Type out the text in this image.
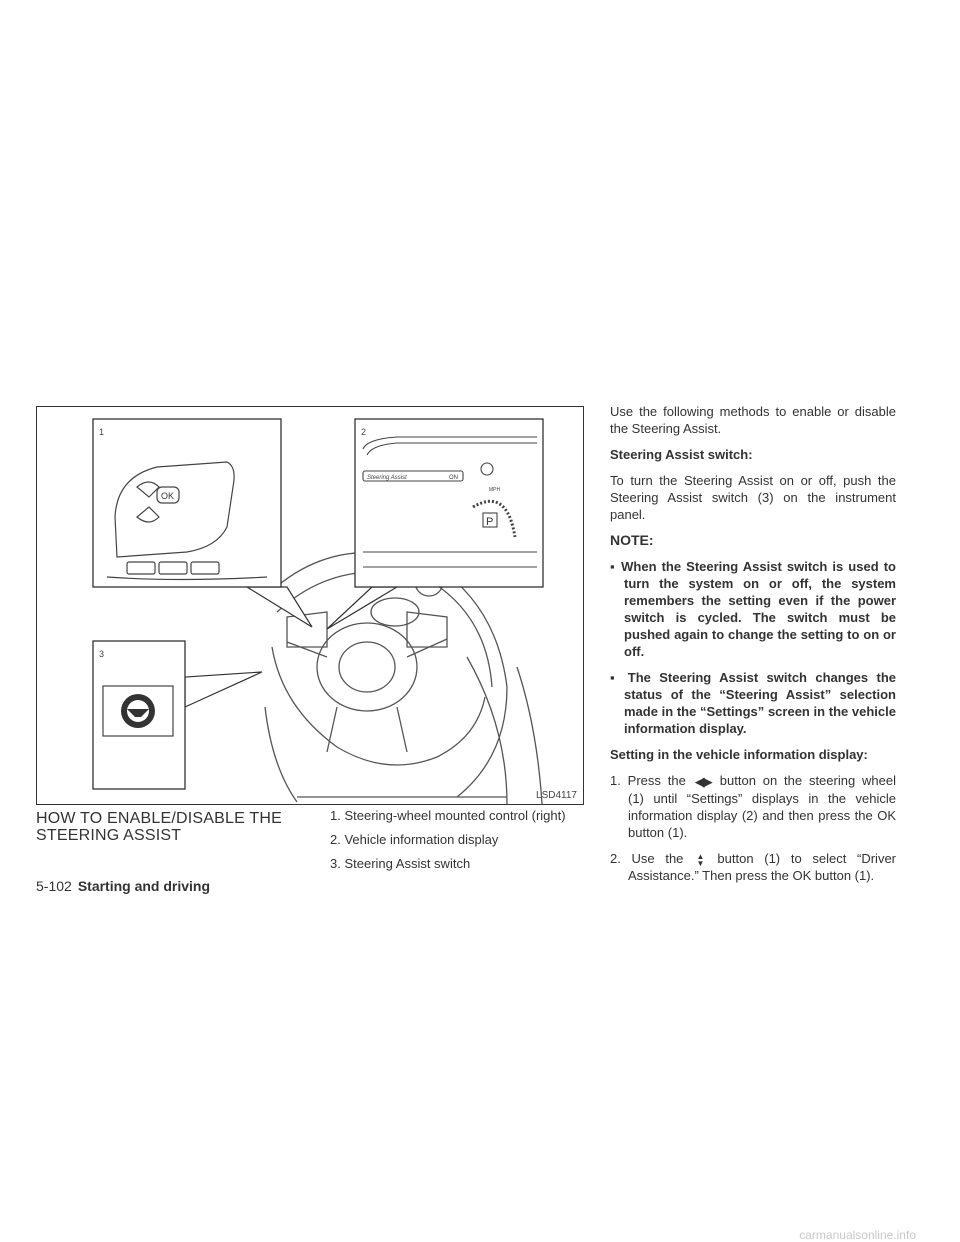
1
OK
2
Steering Assist	ON
MPH
P
3
LSD4117
HOW TO ENABLE/DISABLE THE STEERING ASSIST
1. Steering-wheel mounted control (right)
2. Vehicle information display
3. Steering Assist switch

Use the following methods to enable or disable the Steering Assist.

Steering Assist switch:

To turn the Steering Assist on or off, push the Steering Assist switch (3) on the instrument panel.

NOTE:

▪ When the Steering Assist switch is used to turn the system on or off, the system remembers the setting even if the power switch is cycled. The switch must be pushed again to change the setting to on or off.

▪ The Steering Assist switch changes the status of the “Steering Assist” selection made in the “Settings” screen in the vehicle information display.

Setting in the vehicle information display:

1. Press the ◀▶ button on the steering wheel (1) until “Settings” displays in the vehicle information display (2) and then press the OK button (1).

2. Use the ▲
▼ button (1) to select “Driver Assistance.” Then press the OK button (1).

5-102 Starting and driving
carmanualsonline.info
